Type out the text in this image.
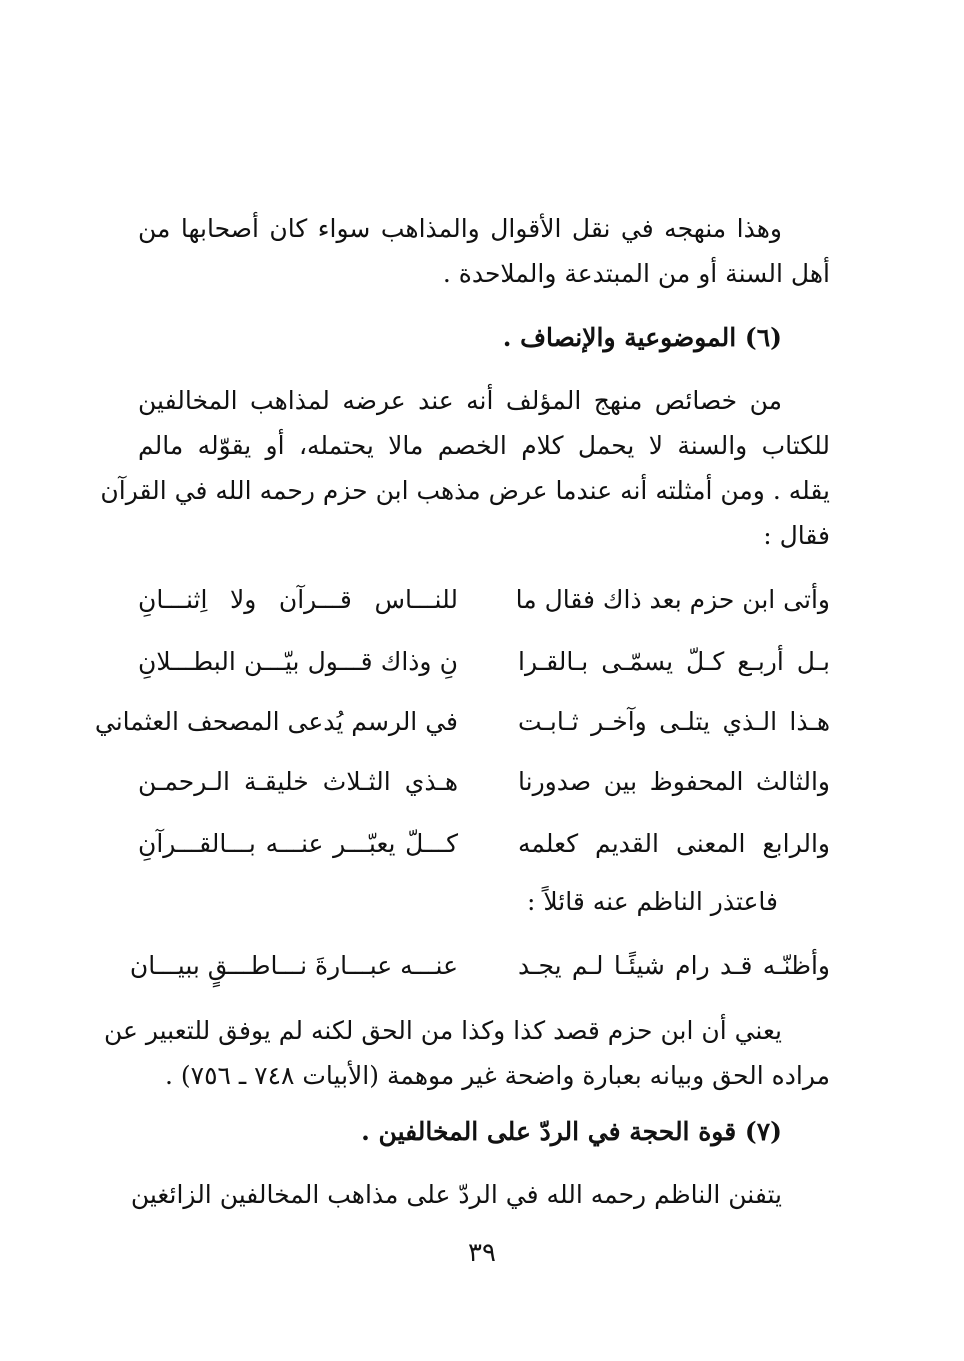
وهذا منهجه في نقل الأقوال والمذاهب سواء كان أصحابها من
أهل السنة أو من المبتدعة والملاحدة .
(٦) الموضوعية والإنصاف .
من خصائص منهج المؤلف أنه عند عرضه لمذاهب المخالفين
للكتاب والسنة لا يحمل كلام الخصم مالا يحتمله، أو يقوّله مالم
يقله . ومن أمثلته أنه عندما عرض مذهب ابن حزم رحمه الله في القرآن
فقال :
وأتى ابن حزم بعد ذاك فقال ما
للنـــاس قـــرآن ولا اِثنـــانِ
بـل أربـع كـلّ يسمّـى بـالقـرا
نِ وذاك قـــول بيّـــن البطـــلانِ
هـذا الـذي يتلـى وآخـر ثـابـت
في الرسم يُدعى المصحف العثماني
والثالث المحفوظ بين صدورنا
هـذي الثـلاث خليقـة الـرحمـن
والرابع المعنى القديم كعلمه
كـــلّ يعبّـــر عنـــه بـــالقـــرآنِ
فاعتذر الناظم عنه قائلاً :
وأظنّـه قـد رام شيئًـا لـم يجـد
عنـــه عبـــارةَ نـــاطـــقٍ ببيـــان
يعني أن ابن حزم قصد كذا وكذا من الحق لكنه لم يوفق للتعبير عن
مراده الحق وبيانه بعبارة واضحة غير موهمة (الأبيات ٧٤٨ ـ ٧٥٦) .
(٧) قوة الحجة في الردّ على المخالفين .
يتفنن الناظم رحمه الله في الردّ على مذاهب المخالفين الزائغين
٣٩
